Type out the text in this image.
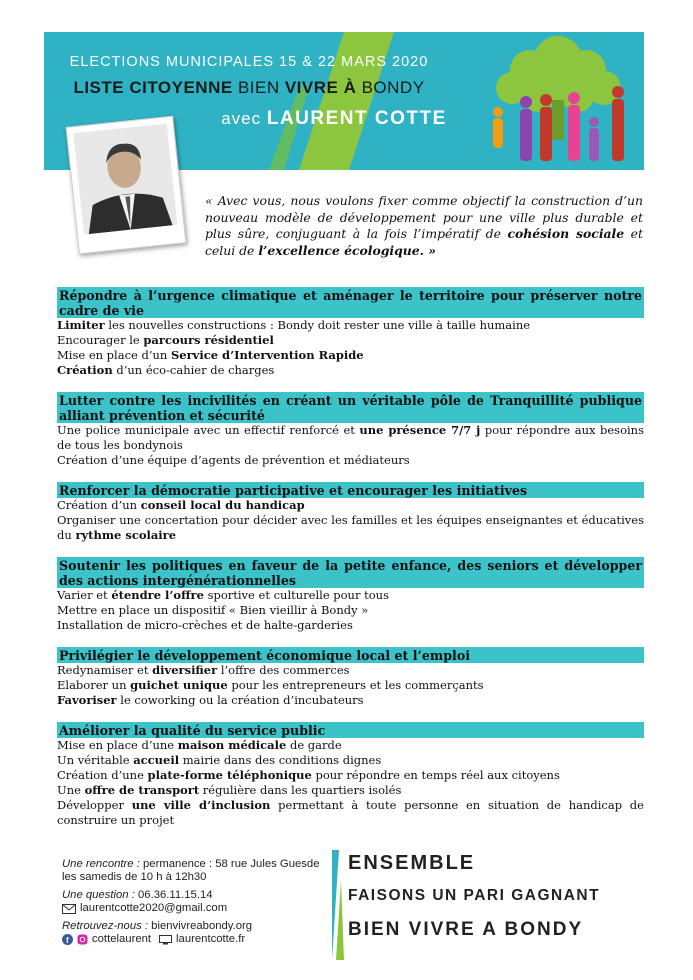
ELECTIONS MUNICIPALES 15 & 22 MARS 2020
LISTE CITOYENNE BIEN VIVRE À BONDY
avec LAURENT COTTE
« Avec vous, nous voulons fixer comme objectif la construction d’un nouveau modèle de développement pour une ville plus durable et plus sûre, conjuguant à la fois l’impératif de cohésion sociale et celui de l’excellence écologique. »
Répondre à l’urgence climatique et aménager le territoire pour préserver notre cadre de vie
Limiter les nouvelles constructions : Bondy doit rester une ville à taille humaine
Encourager le parcours résidentiel
Mise en place d’un Service d’Intervention Rapide
Création d’un éco-cahier de charges
Lutter contre les incivilités en créant un véritable pôle de Tranquillité publique alliant prévention et sécurité
Une police municipale avec un effectif renforcé et une présence 7/7 j pour répondre aux besoins de tous les bondynois
Création d’une équipe d’agents de prévention et médiateurs
Renforcer la démocratie participative et encourager les initiatives
Création d’un conseil local du handicap
Organiser une concertation pour décider avec les familles et les équipes enseignantes et éducatives du rythme scolaire
Soutenir les politiques en faveur de la petite enfance, des seniors et développer des actions intergénérationnelles
Varier et étendre l’offre sportive et culturelle pour tous
Mettre en place un dispositif « Bien vieillir à Bondy »
Installation de micro-crèches et de halte-garderies
Privilégier le développement économique local et l’emploi
Redynamiser et diversifier l’offre des commerces
Elaborer un guichet unique pour les entrepreneurs et les commerçants
Favoriser le coworking ou la création d’incubateurs
Améliorer la qualité du service public
Mise en place d’une maison médicale de garde
Un véritable accueil mairie dans des conditions dignes
Création d’une plate-forme téléphonique pour répondre en temps réel aux citoyens
Une offre de transport régulière dans les quartiers isolés
Développer une ville d’inclusion permettant à toute personne en situation de handicap de construire un projet
Une rencontre : permanence : 58 rue Jules Guesde
les samedis de 10 h à 12h30
Une question : 06.36.11.15.14
laurentcotte2020@gmail.com
Retrouvez-nous : bienvivreabondy.org
f cottelaurent laurentcotte.fr
ENSEMBLE
FAISONS UN PARI GAGNANT
BIEN VIVRE A BONDY
